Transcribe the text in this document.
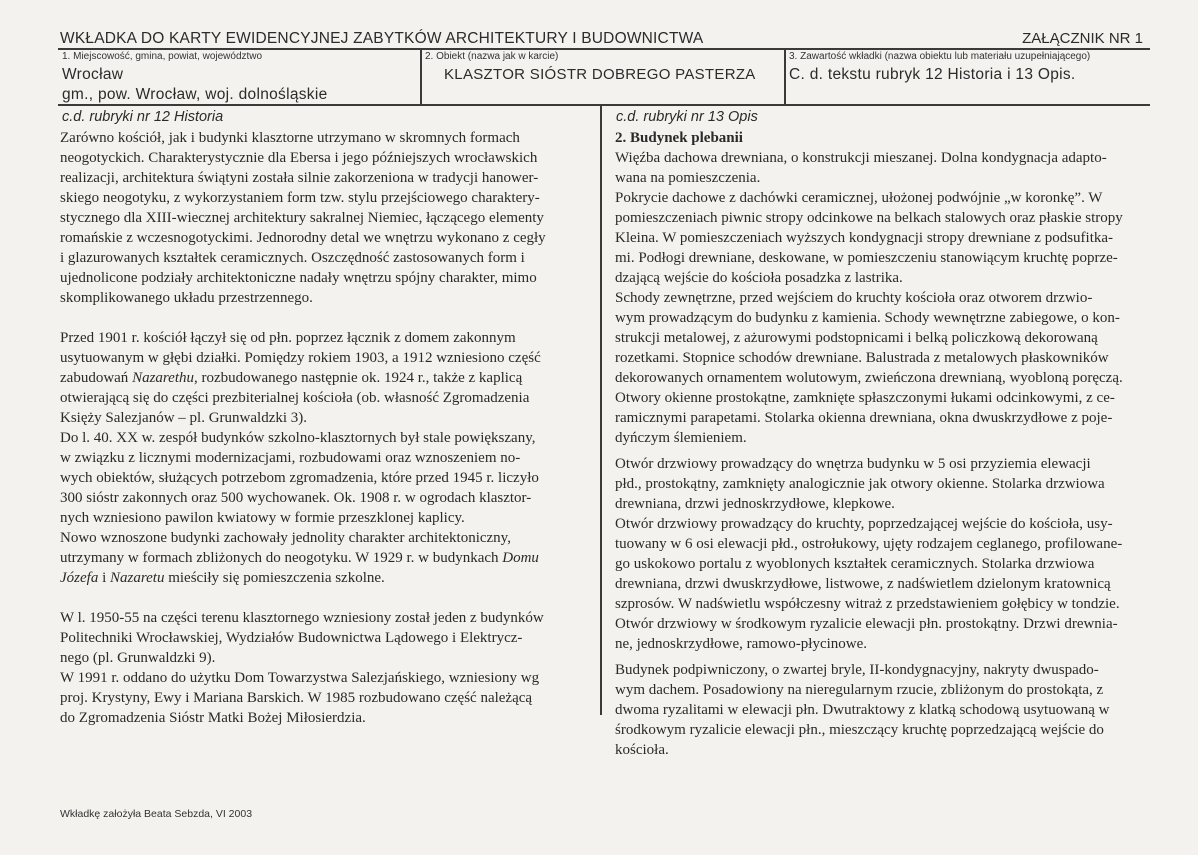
WKŁADKA DO KARTY EWIDENCYJNEJ ZABYTKÓW ARCHITEKTURY I BUDOWNICTWA	ZAŁĄCZNIK NR 1
1. Miejscowość, gmina, powiat, województwo
Wrocław
gm., pow. Wrocław, woj. dolnośląskie
2. Obiekt (nazwa jak w karcie)
KLASZTOR SIÓSTR DOBREGO PASTERZA
3. Zawartość wkładki (nazwa obiektu lub materiału uzupełniającego)
C. d. tekstu rubryk 12 Historia i 13 Opis.
c.d. rubryki nr 12 Historia

Zarówno kościół, jak i budynki klasztorne utrzymano w skromnych formach
neogotyckich. Charakterystycznie dla Ebersa i jego późniejszych wrocławskich
realizacji, architektura świątyni została silnie zakorzeniona w tradycji hanower-
skiego neogotyku, z wykorzystaniem form tzw. stylu przejściowego charaktery-
stycznego dla XIII-wiecznej architektury sakralnej Niemiec, łączącego elementy
romańskie z wczesnogotyckimi. Jednorodny detal we wnętrzu wykonano z cegły
i glazurowanych kształtek ceramicznych. Oszczędność zastosowanych form i
ujednolicone podziały architektoniczne nadały wnętrzu spójny charakter, mimo
skomplikowanego układu przestrzennego.

Przed 1901 r. kościół łączył się od płn. poprzez łącznik z domem zakonnym
usytuowanym w głębi działki. Pomiędzy rokiem 1903, a 1912 wzniesiono część
zabudowań Nazarethu, rozbudowanego następnie ok. 1924 r., także z kaplicą
otwierającą się do części prezbiterialnej kościoła (ob. własność Zgromadzenia
Księży Salezjanów – pl. Grunwaldzki 3).

Do l. 40. XX w. zespół budynków szkolno-klasztornych był stale powiększany,
w związku z licznymi modernizacjami, rozbudowami oraz wznoszeniem no-
wych obiektów, służących potrzebom zgromadzenia, które przed 1945 r. liczyło
300 sióstr zakonnych oraz 500 wychowanek. Ok. 1908 r. w ogrodach klasztor-
nych wzniesiono pawilon kwiatowy w formie przeszklonej kaplicy.

Nowo wznoszone budynki zachowały jednolity charakter architektoniczny,
utrzymany w formach zbliżonych do neogotyku. W 1929 r. w budynkach Domu
Józefa i Nazaretu mieściły się pomieszczenia szkolne.

W l. 1950-55 na części terenu klasztornego wzniesiony został jeden z budynków
Politechniki Wrocławskiej, Wydziałów Budownictwa Lądowego i Elektrycz-
nego (pl. Grunwaldzki 9).

W 1991 r. oddano do użytku Dom Towarzystwa Salezjańskiego, wzniesiony wg
proj. Krystyny, Ewy i Mariana Barskich. W 1985 rozbudowano część należącą
do Zgromadzenia Sióstr Matki Bożej Miłosierdzia.

c.d. rubryki nr 13 Opis

2. Budynek plebanii

Więźba dachowa drewniana, o konstrukcji mieszanej. Dolna kondygnacja adapto-
wana na pomieszczenia.

Pokrycie dachowe z dachówki ceramicznej, ułożonej podwójnie „w koronkę”. W
pomieszczeniach piwnic stropy odcinkowe na belkach stalowych oraz płaskie stropy
Kleina. W pomieszczeniach wyższych kondygnacji stropy drewniane z podsufitka-
mi. Podłogi drewniane, deskowane, w pomieszczeniu stanowiącym kruchtę poprze-
dzającą wejście do kościoła posadzka z lastrika.

Schody zewnętrzne, przed wejściem do kruchty kościoła oraz otworem drzwio-
wym prowadzącym do budynku z kamienia. Schody wewnętrzne zabiegowe, o kon-
strukcji metalowej, z ażurowymi podstopnicami i belką policzkową dekorowaną
rozetkami. Stopnice schodów drewniane. Balustrada z metalowych płaskowników
dekorowanych ornamentem wolutowym, zwieńczona drewnianą, wyobloną poręczą.

Otwory okienne prostokątne, zamknięte spłaszczonymi łukami odcinkowymi, z ce-
ramicznymi parapetami. Stolarka okienna drewniana, okna dwuskrzydłowe z poje-
dyńczym ślemieniem.

Otwór drzwiowy prowadzący do wnętrza budynku w 5 osi przyziemia elewacji
płd., prostokątny, zamknięty analogicznie jak otwory okienne. Stolarka drzwiowa
drewniana, drzwi jednoskrzydłowe, klepkowe.

Otwór drzwiowy prowadzący do kruchty, poprzedzającej wejście do kościoła, usy-
tuowany w 6 osi elewacji płd., ostrołukowy, ujęty rodzajem ceglanego, profilowane-
go uskokowo portalu z wyoblonych kształtek ceramicznych. Stolarka drzwiowa
drewniana, drzwi dwuskrzydłowe, listwowe, z nadświetlem dzielonym kratownicą
szprosów. W nadświetlu współczesny witraż z przedstawieniem gołębicy w tondzie.

Otwór drzwiowy w środkowym ryzalicie elewacji płn. prostokątny. Drzwi drewnia-
ne, jednoskrzydłowe, ramowo-płycinowe.

Budynek podpiwniczony, o zwartej bryle, II-kondygnacyjny, nakryty dwuspado-
wym dachem. Posadowiony na nieregularnym rzucie, zbliżonym do prostokąta, z
dwoma ryzalitami w elewacji płn. Dwutraktowy z klatką schodową usytuowaną w
środkowym ryzalicie elewacji płn., mieszczący kruchtę poprzedzającą wejście do
kościoła.

Wkładkę założyła Beata Sebzda, VI 2003
